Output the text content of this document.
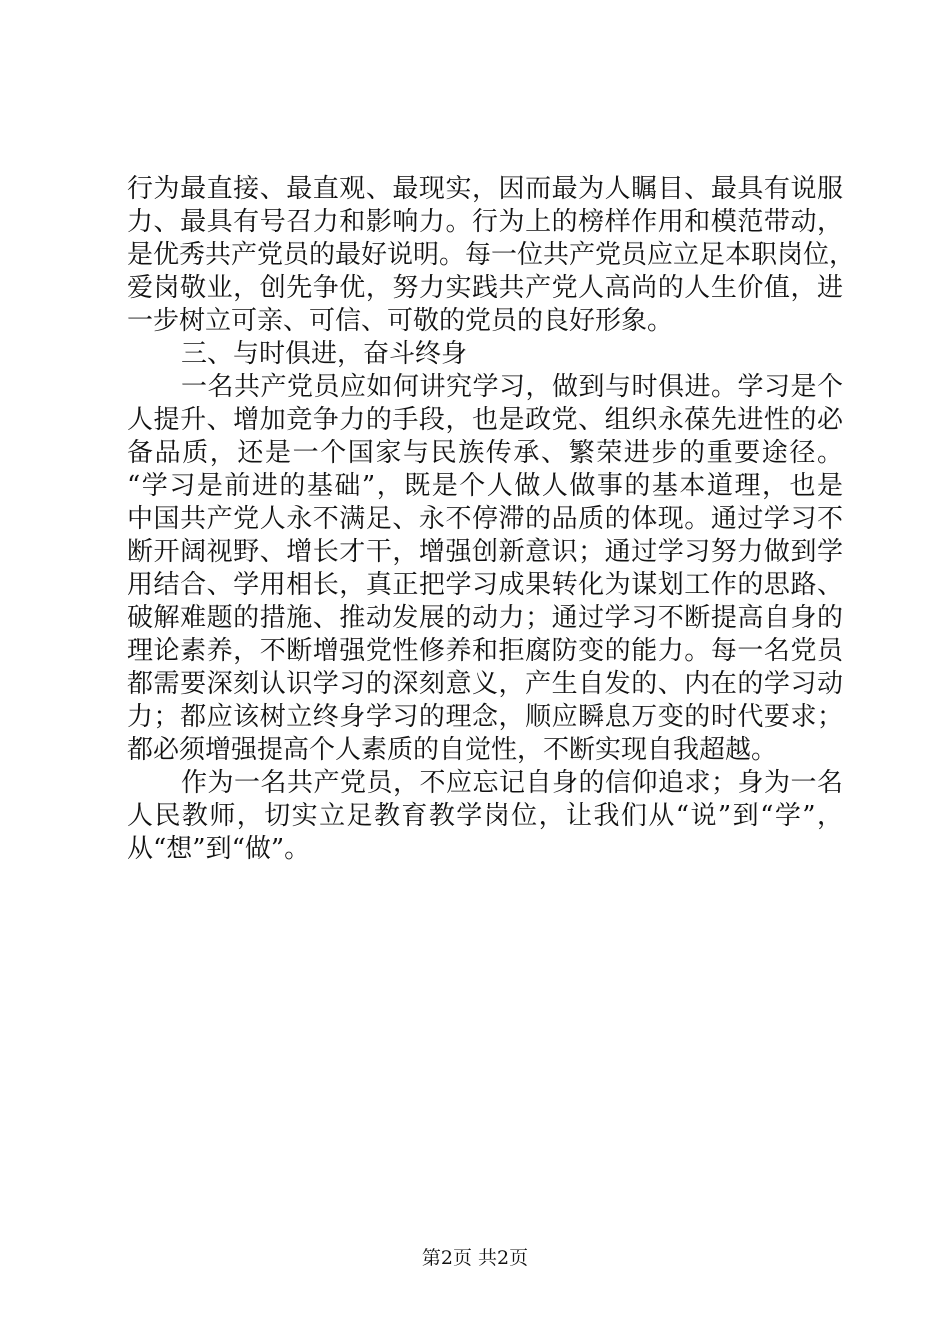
行为最直接、最直观、最现实，因而最为人瞩目、最具有说服
力、最具有号召力和影响力。行为上的榜样作用和模范带动，
是优秀共产党员的最好说明。每一位共产党员应立足本职岗位，
爱岗敬业，创先争优，努力实践共产党人高尚的人生价值，进
一步树立可亲、可信、可敬的党员的良好形象。
三、与时俱进，奋斗终身
一名共产党员应如何讲究学习，做到与时俱进。学习是个
人提升、增加竞争力的手段，也是政党、组织永葆先进性的必
备品质，还是一个国家与民族传承、繁荣进步的重要途径。
“学习是前进的基础”，既是个人做人做事的基本道理，也是
中国共产党人永不满足、永不停滞的品质的体现。通过学习不
断开阔视野、增长才干，增强创新意识；通过学习努力做到学
用结合、学用相长，真正把学习成果转化为谋划工作的思路、
破解难题的措施、推动发展的动力；通过学习不断提高自身的
理论素养，不断增强党性修养和拒腐防变的能力。每一名党员
都需要深刻认识学习的深刻意义，产生自发的、内在的学习动
力；都应该树立终身学习的理念，顺应瞬息万变的时代要求；
都必须增强提高个人素质的自觉性，不断实现自我超越。
作为一名共产党员，不应忘记自身的信仰追求；身为一名
人民教师，切实立足教育教学岗位，让我们从“说”到“学”，
从“想”到“做”。
第2页 共2页
